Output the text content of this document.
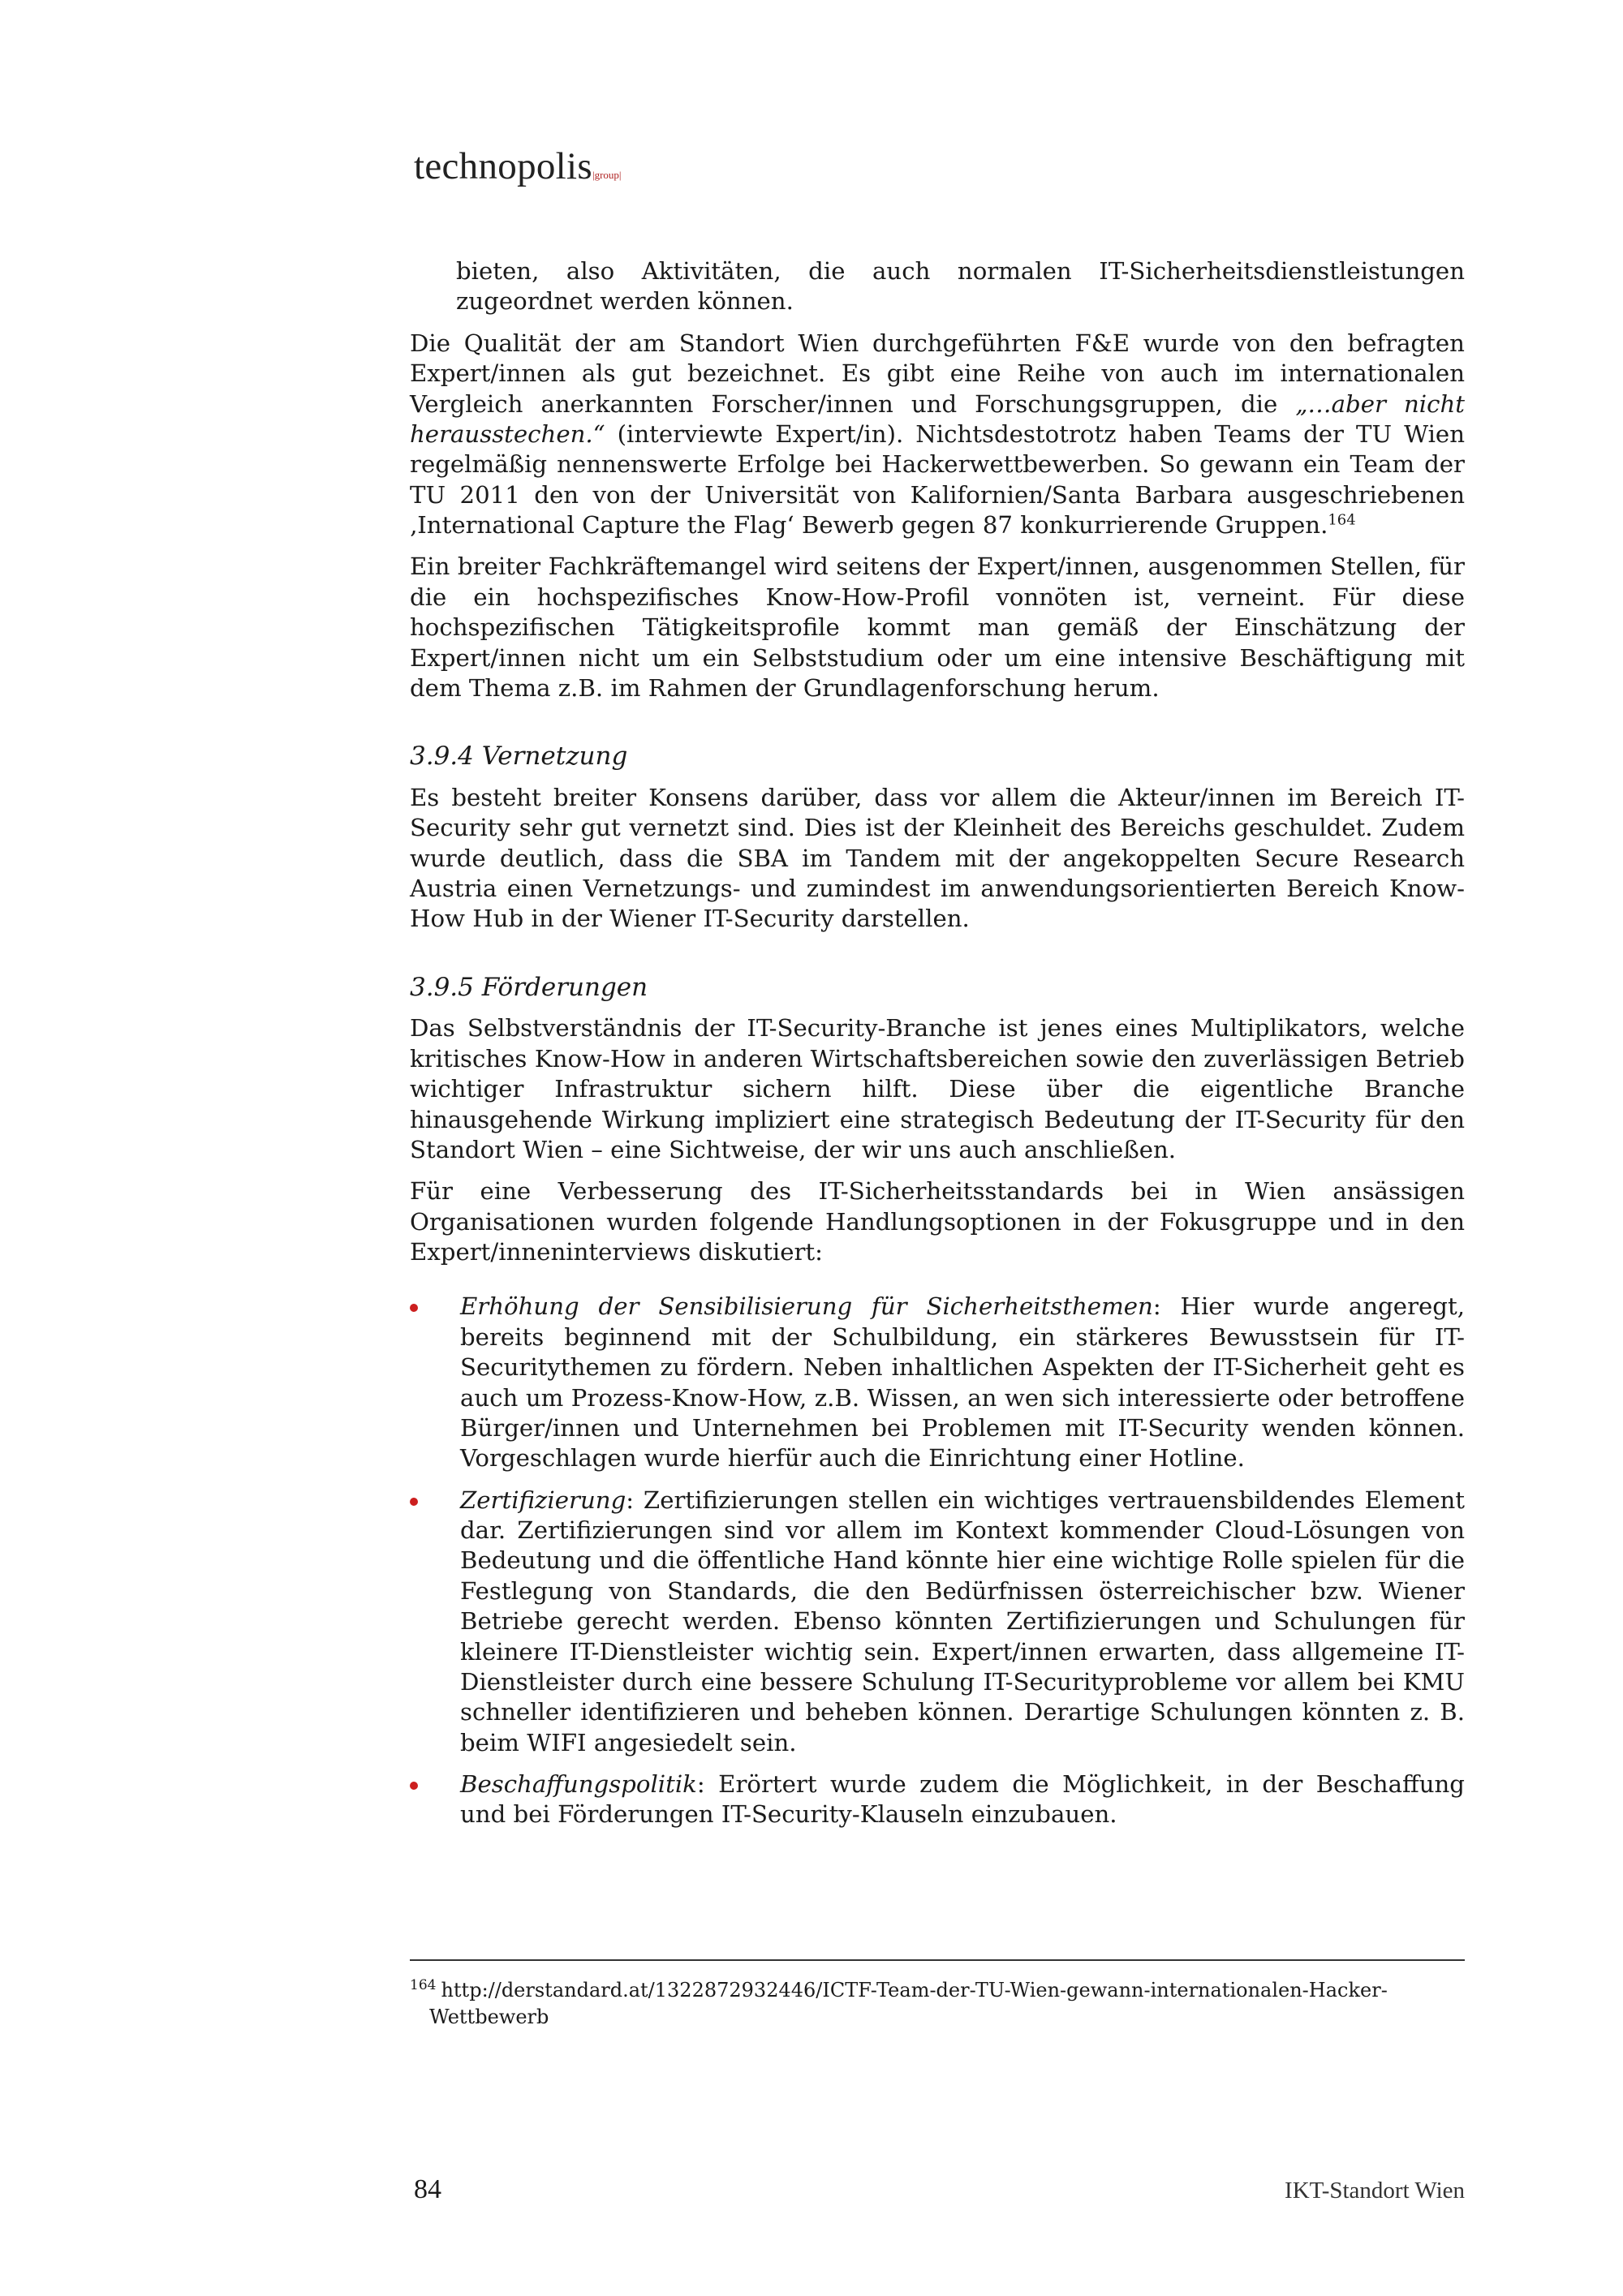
technopolis|group|

bieten, also Aktivitäten, die auch normalen IT-Sicherheitsdienstleistungen zugeordnet werden können.

Die Qualität der am Standort Wien durchgeführten F&E wurde von den befragten Expert/innen als gut bezeichnet. Es gibt eine Reihe von auch im internationalen Vergleich anerkannten Forscher/innen und Forschungsgruppen, die „…aber nicht herausstechen.“ (interviewte Expert/in). Nichtsdestotrotz haben Teams der TU Wien regelmäßig nennenswerte Erfolge bei Hackerwettbewerben. So gewann ein Team der TU 2011 den von der Universität von Kalifornien/Santa Barbara ausgeschriebenen ‚International Capture the Flag‘ Bewerb gegen 87 konkurrierende Gruppen.$^{164}$

Ein breiter Fachkräftemangel wird seitens der Expert/innen, ausgenommen Stellen, für die ein hochspezifisches Know-How-Profil vonnöten ist, verneint. Für diese hochspezifischen Tätigkeitsprofile kommt man gemäß der Einschätzung der Expert/innen nicht um ein Selbststudium oder um eine intensive Beschäftigung mit dem Thema z.B. im Rahmen der Grundlagenforschung herum.

3.9.4 Vernetzung

Es besteht breiter Konsens darüber, dass vor allem die Akteur/innen im Bereich IT-Security sehr gut vernetzt sind. Dies ist der Kleinheit des Bereichs geschuldet. Zudem wurde deutlich, dass die SBA im Tandem mit der angekoppelten Secure Research Austria einen Vernetzungs- und zumindest im anwendungsorientierten Bereich Know-How Hub in der Wiener IT-Security darstellen.

3.9.5 Förderungen

Das Selbstverständnis der IT-Security-Branche ist jenes eines Multiplikators, welche kritisches Know-How in anderen Wirtschaftsbereichen sowie den zuverlässigen Betrieb wichtiger Infrastruktur sichern hilft. Diese über die eigentliche Branche hinausgehende Wirkung impliziert eine strategisch Bedeutung der IT-Security für den Standort Wien – eine Sichtweise, der wir uns auch anschließen.

Für eine Verbesserung des IT-Sicherheitsstandards bei in Wien ansässigen Organisationen wurden folgende Handlungsoptionen in der Fokusgruppe und in den Expert/inneninterviews diskutiert:

Erhöhung der Sensibilisierung für Sicherheitsthemen: Hier wurde angeregt, bereits beginnend mit der Schulbildung, ein stärkeres Bewusstsein für IT-Securitythemen zu fördern. Neben inhaltlichen Aspekten der IT-Sicherheit geht es auch um Prozess-Know-How, z.B. Wissen, an wen sich interessierte oder betroffene Bürger/innen und Unternehmen bei Problemen mit IT-Security wenden können. Vorgeschlagen wurde hierfür auch die Einrichtung einer Hotline.
Zertifizierung: Zertifizierungen stellen ein wichtiges vertrauensbildendes Element dar. Zertifizierungen sind vor allem im Kontext kommender Cloud-Lösungen von Bedeutung und die öffentliche Hand könnte hier eine wichtige Rolle spielen für die Festlegung von Standards, die den Bedürfnissen österreichischer bzw. Wiener Betriebe gerecht werden. Ebenso könnten Zertifizierungen und Schulungen für kleinere IT-Dienstleister wichtig sein. Expert/innen erwarten, dass allgemeine IT-Dienstleister durch eine bessere Schulung IT-Securityprobleme vor allem bei KMU schneller identifizieren und beheben können. Derartige Schulungen könnten z. B. beim WIFI angesiedelt sein.
Beschaffungspolitik: Erörtert wurde zudem die Möglichkeit, in der Beschaffung und bei Förderungen IT-Security-Klauseln einzubauen.
$^{164}$ http://derstandard.at/1322872932446/ICTF-Team-der-TU-Wien-gewann-internationalen-Hacker-
Wettbewerb
84	IKT-Standort Wien
